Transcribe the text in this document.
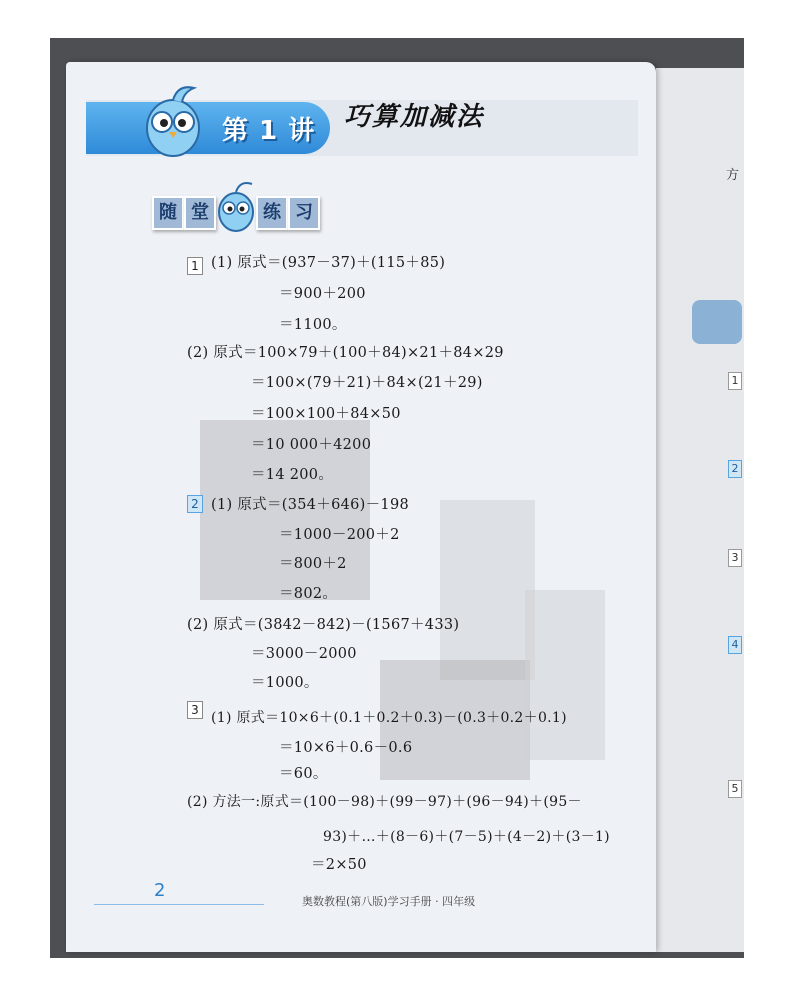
方
1
2
3
4
5
第 1 讲 巧算加减法
随 堂	练 习
1 (1) 原式＝(937－37)＋(115＋85)
＝900＋200
＝1100。
(2) 原式＝100×79＋(100＋84)×21＋84×29
＝100×(79＋21)＋84×(21＋29)
＝100×100＋84×50
＝10 000＋4200
＝14 200。
2 (1) 原式＝(354＋646)－198
＝1000－200＋2
＝800＋2
＝802。
(2) 原式＝(3842－842)－(1567＋433)
＝3000－2000
＝1000。
3 (1) 原式＝10×6＋(0.1＋0.2＋0.3)－(0.3＋0.2＋0.1)
＝10×6＋0.6－0.6
＝60。
(2) 方法一:原式＝(100－98)＋(99－97)＋(96－94)＋(95－
93)＋…＋(8－6)＋(7－5)＋(4－2)＋(3－1)
＝2×50
2
奥数教程(第八版)学习手册 · 四年级
